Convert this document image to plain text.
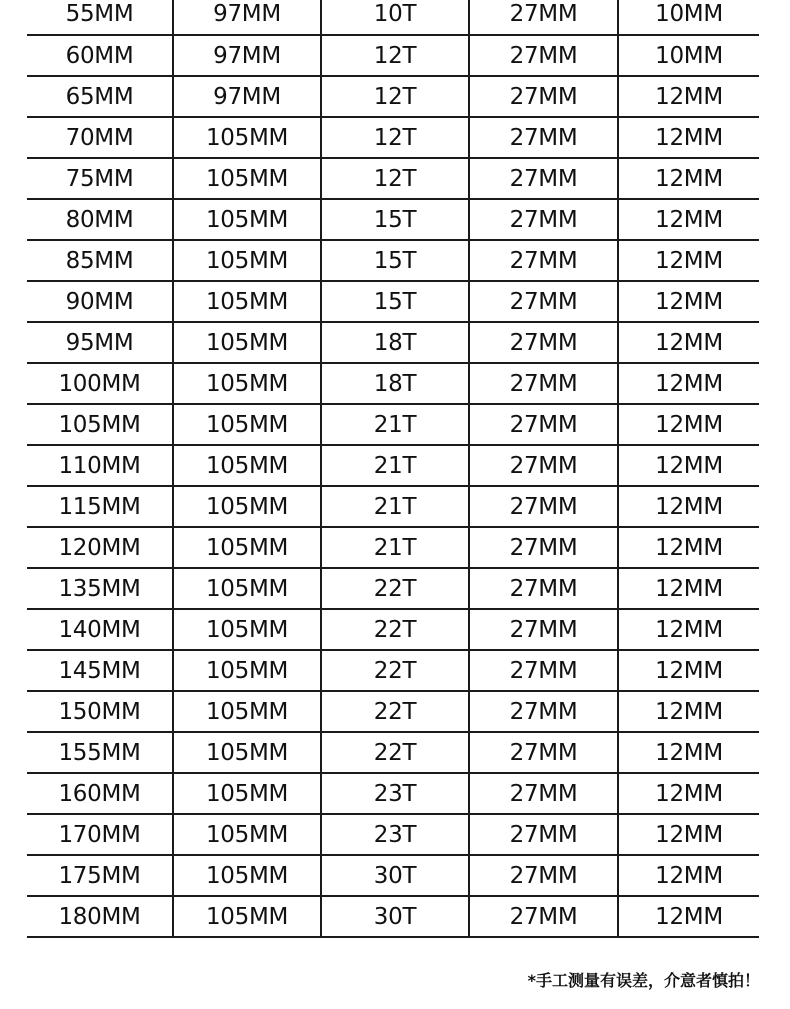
55MM	97MM	10T	27MM	10MM
60MM	97MM	12T	27MM	10MM
65MM	97MM	12T	27MM	12MM
70MM	105MM	12T	27MM	12MM
75MM	105MM	12T	27MM	12MM
80MM	105MM	15T	27MM	12MM
85MM	105MM	15T	27MM	12MM
90MM	105MM	15T	27MM	12MM
95MM	105MM	18T	27MM	12MM
100MM	105MM	18T	27MM	12MM
105MM	105MM	21T	27MM	12MM
110MM	105MM	21T	27MM	12MM
115MM	105MM	21T	27MM	12MM
120MM	105MM	21T	27MM	12MM
135MM	105MM	22T	27MM	12MM
140MM	105MM	22T	27MM	12MM
145MM	105MM	22T	27MM	12MM
150MM	105MM	22T	27MM	12MM
155MM	105MM	22T	27MM	12MM
160MM	105MM	23T	27MM	12MM
170MM	105MM	23T	27MM	12MM
175MM	105MM	30T	27MM	12MM
180MM	105MM	30T	27MM	12MM
*手工测量有误差，介意者慎拍！
